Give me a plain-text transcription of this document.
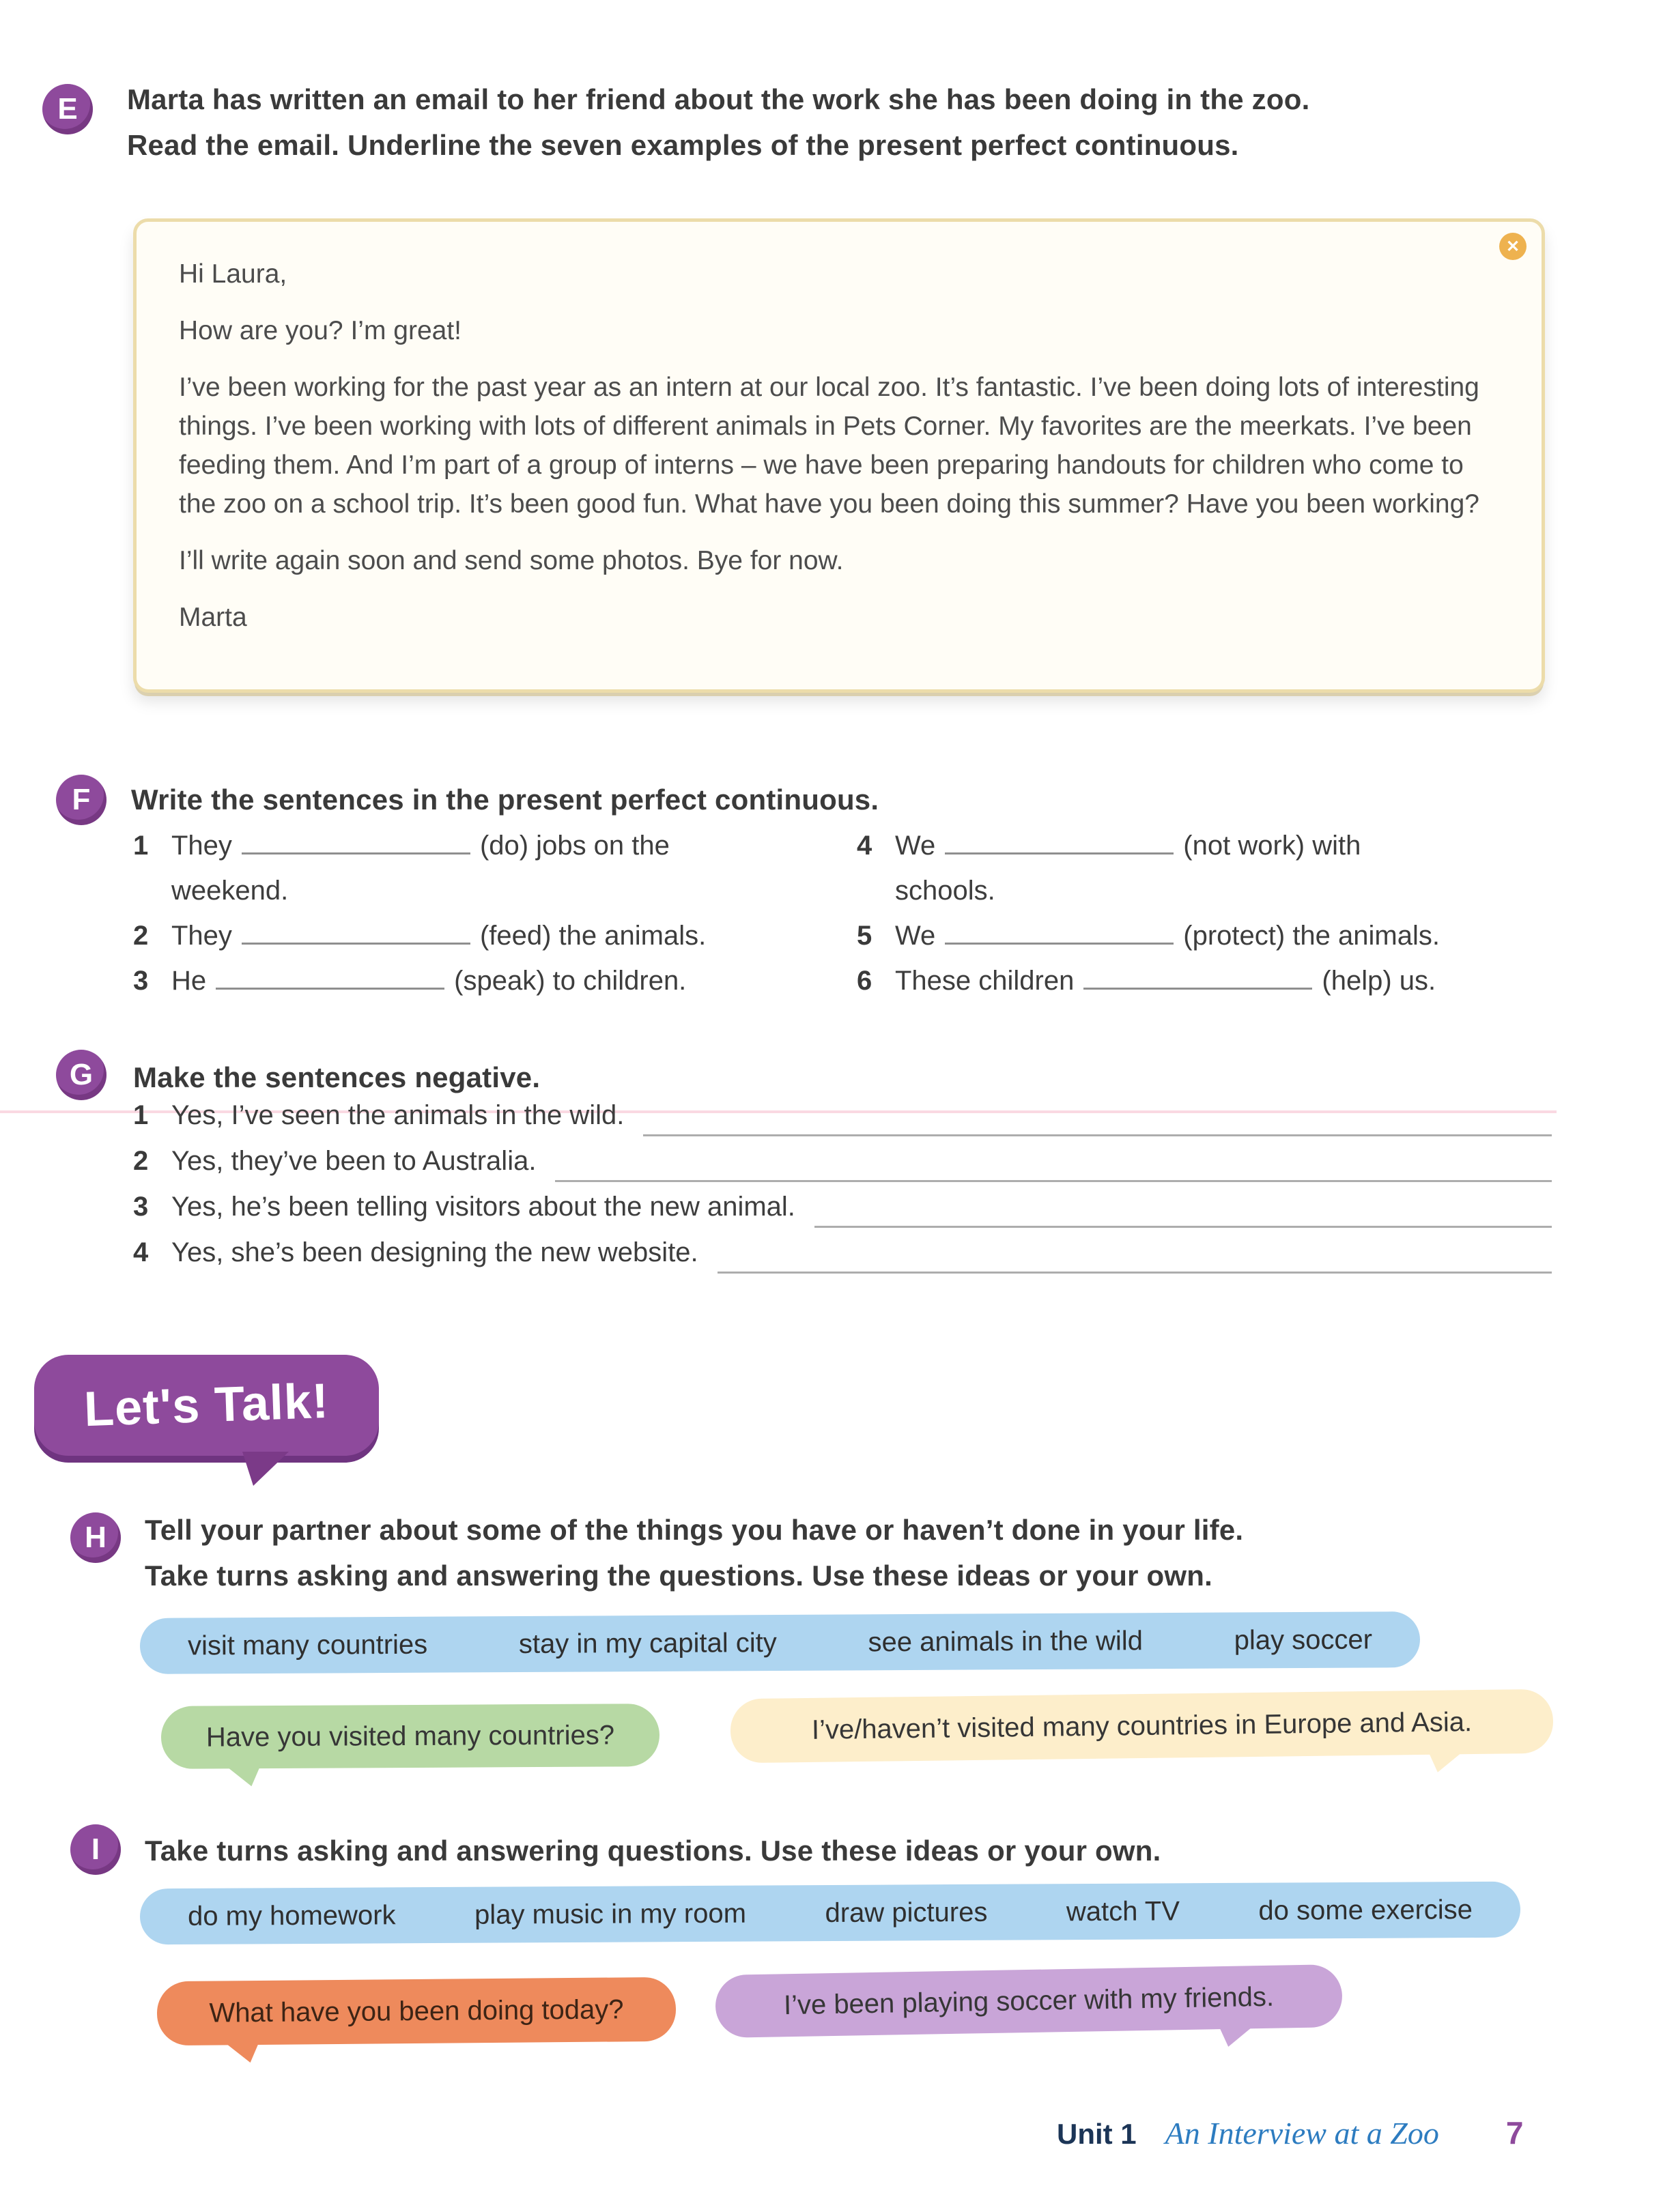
E	Marta has written an email to her friend about the work she has been doing in the zoo.
Read the email. Underline the seven examples of the present perfect continuous.
✕

Hi Laura,

How are you? I’m great!

I’ve been working for the past year as an intern at our local zoo. It’s fantastic. I’ve been doing lots of interesting things. I’ve been working with lots of different animals in Pets Corner. My favorites are the meerkats. I’ve been feeding them. And I’m part of a group of interns – we have been preparing handouts for children who come to the zoo on a school trip. It’s been good fun. What have you been doing this summer? Have you been working?

I’ll write again soon and send some photos. Bye for now.

Marta

F	Write the sentences in the present perfect continuous.
1 They	(do) jobs on the
weekend.
2 They	(feed) the animals.
3 He	(speak) to children.
4 We	(not work) with
schools.
5 We	(protect) the animals.
6 These children	(help) us.
G	Make the sentences negative.
1 Yes, I’ve seen the animals in the wild.
2 Yes, they’ve been to Australia.
3 Yes, he’s been telling visitors about the new animal.
4 Yes, she’s been designing the new website.
Let's Talk!
H	Tell your partner about some of the things you have or haven’t done in your life.
Take turns asking and answering the questions. Use these ideas or your own.
visit many countries	stay in my capital city	see animals in the wild	play soccer
Have you visited many countries?	I’ve/haven’t visited many countries in Europe and Asia.
I	Take turns asking and answering questions. Use these ideas or your own.
do my homework	play music in my room	draw pictures	watch TV	do some exercise
What have you been doing today?	I’ve been playing soccer with my friends.
Unit 1 An Interview at a Zoo 7
